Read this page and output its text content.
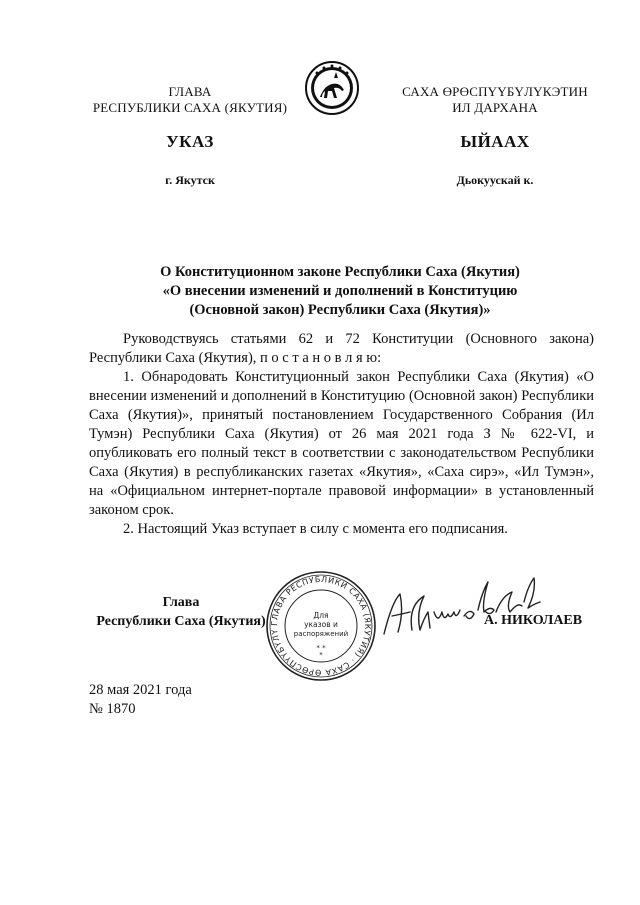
ГЛАВА
РЕСПУБЛИКИ САХА (ЯКУТИЯ)
САХА ӨРӨСПҮҮБҮЛҮКЭТИН
ИЛ ДАРХАНА
УКАЗ	ЫЙААХ
г. Якутск	Дьокуускай к.
О Конституционном законе Республики Саха (Якутия)
«О внесении изменений и дополнений в Конституцию
(Основной закон) Республики Саха (Якутия)»

Руководствуясь статьями 62 и 72 Конституции (Основного закона) Республики Саха (Якутия), п о с т а н о в л я ю:

1. Обнародовать Конституционный закон Республики Саха (Якутия) «О внесении изменений и дополнений в Конституцию (Основной закон) Республики Саха (Якутия)», принятый постановлением Государственного Собрания (Ил Тумэн) Республики Саха (Якутия) от 26 мая 2021 года З № 622-VI, и опубликовать его полный текст в соответствии с законодательством Республики Саха (Якутия) в республиканских газетах «Якутия», «Саха сирэ», «Ил Тумэн», на «Официальном интернет-портале правовой информации» в установленный законом срок.

2. Настоящий Указ вступает в силу с момента его подписания.

Глава
Республики Саха (Якутия) ГЛАВА РЕСПУБЛИКИ САХА (ЯКУТИЯ) · САХА ӨРӨСПҮҮБҮЛҮ
Для
указов и
распоряжений
* *
*
А. НИКОЛАЕВ
28 мая 2021 года
№ 1870
